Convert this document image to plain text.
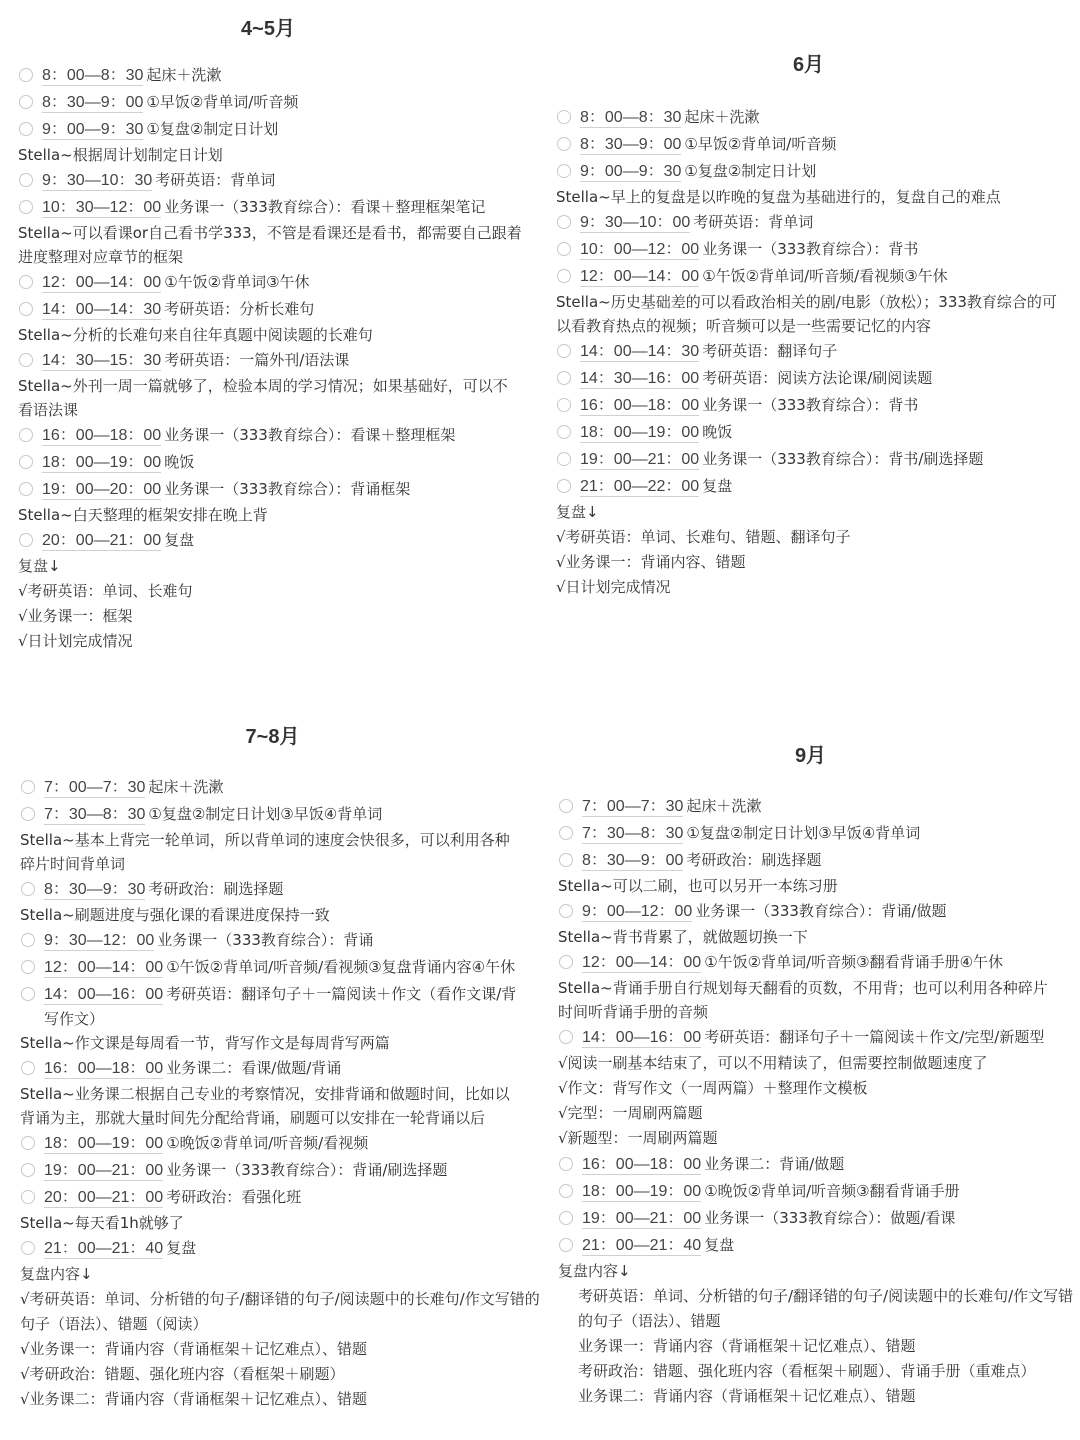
4~5月
8：00—8：30 起床＋洗漱
8：30—9：00 ①早饭②背单词/听音频
9：00—9：30 ①复盘②制定日计划
Stella~根据周计划制定日计划
9：30—10：30 考研英语：背单词
10：30—12：00 业务课一（333教育综合）：看课＋整理框架笔记
Stella~可以看课or自己看书学333，不管是看课还是看书，都需要自己跟着进度整理对应章节的框架
12：00—14：00 ①午饭②背单词③午休
14：00—14：30 考研英语：分析长难句
Stella~分析的长难句来自往年真题中阅读题的长难句
14：30—15：30 考研英语：一篇外刊/语法课
Stella~外刊一周一篇就够了，检验本周的学习情况；如果基础好，可以不看语法课
16：00—18：00 业务课一（333教育综合）：看课＋整理框架
18：00—19：00 晚饭
19：00—20：00 业务课一（333教育综合）：背诵框架
Stella~白天整理的框架安排在晚上背
20：00—21：00 复盘
复盘↓
√考研英语：单词、长难句
√业务课一：框架
√日计划完成情况
6月
8：00—8：30 起床＋洗漱
8：30—9：00 ①早饭②背单词/听音频
9：00—9：30 ①复盘②制定日计划
Stella~早上的复盘是以昨晚的复盘为基础进行的，复盘自己的难点
9：30—10：00 考研英语：背单词
10：00—12：00 业务课一（333教育综合）：背书
12：00—14：00 ①午饭②背单词/听音频/看视频③午休
Stella~历史基础差的可以看政治相关的剧/电影（放松）；333教育综合的可以看教育热点的视频；听音频可以是一些需要记忆的内容
14：00—14：30 考研英语：翻译句子
14：30—16：00 考研英语：阅读方法论课/刷阅读题
16：00—18：00 业务课一（333教育综合）：背书
18：00—19：00 晚饭
19：00—21：00 业务课一（333教育综合）：背书/刷选择题
21：00—22：00 复盘
复盘↓
√考研英语：单词、长难句、错题、翻译句子
√业务课一：背诵内容、错题
√日计划完成情况
7~8月
7：00—7：30 起床＋洗漱
7：30—8：30 ①复盘②制定日计划③早饭④背单词
Stella~基本上背完一轮单词，所以背单词的速度会快很多，可以利用各种碎片时间背单词
8：30—9：30 考研政治：刷选择题
Stella~刷题进度与强化课的看课进度保持一致
9：30—12：00 业务课一（333教育综合）：背诵
12：00—14：00 ①午饭②背单词/听音频/看视频③复盘背诵内容④午休
14：00—16：00 考研英语：翻译句子＋一篇阅读＋作文（看作文课/背写作文）
Stella~作文课是每周看一节，背写作文是每周背写两篇
16：00—18：00 业务课二：看课/做题/背诵
Stella~业务课二根据自己专业的考察情况，安排背诵和做题时间，比如以背诵为主，那就大量时间先分配给背诵，刷题可以安排在一轮背诵以后
18：00—19：00 ①晚饭②背单词/听音频/看视频
19：00—21：00 业务课一（333教育综合）：背诵/刷选择题
20：00—21：00 考研政治：看强化班
Stella~每天看1h就够了
21：00—21：40 复盘
复盘内容↓
√考研英语：单词、分析错的句子/翻译错的句子/阅读题中的长难句/作文写错的句子（语法）、错题（阅读）
√业务课一：背诵内容（背诵框架＋记忆难点）、错题
√考研政治：错题、强化班内容（看框架＋刷题）
√业务课二：背诵内容（背诵框架＋记忆难点）、错题
9月
7：00—7：30 起床＋洗漱
7：30—8：30 ①复盘②制定日计划③早饭④背单词
8：30—9：00 考研政治：刷选择题
Stella~可以二刷，也可以另开一本练习册
9：00—12：00 业务课一（333教育综合）：背诵/做题
Stella~背书背累了，就做题切换一下
12：00—14：00 ①午饭②背单词/听音频③翻看背诵手册④午休
Stella~背诵手册自行规划每天翻看的页数，不用背；也可以利用各种碎片时间听背诵手册的音频
14：00—16：00 考研英语：翻译句子＋一篇阅读＋作文/完型/新题型
√阅读一刷基本结束了，可以不用精读了，但需要控制做题速度了
√作文：背写作文（一周两篇）＋整理作文模板
√完型：一周刷两篇题
√新题型：一周刷两篇题
16：00—18：00 业务课二：背诵/做题
18：00—19：00 ①晚饭②背单词/听音频③翻看背诵手册
19：00—21：00 业务课一（333教育综合）：做题/看课
21：00—21：40 复盘
复盘内容↓
考研英语：单词、分析错的句子/翻译错的句子/阅读题中的长难句/作文写错的句子（语法）、错题
业务课一：背诵内容（背诵框架＋记忆难点）、错题
考研政治：错题、强化班内容（看框架＋刷题）、背诵手册（重难点）
业务课二：背诵内容（背诵框架＋记忆难点）、错题
